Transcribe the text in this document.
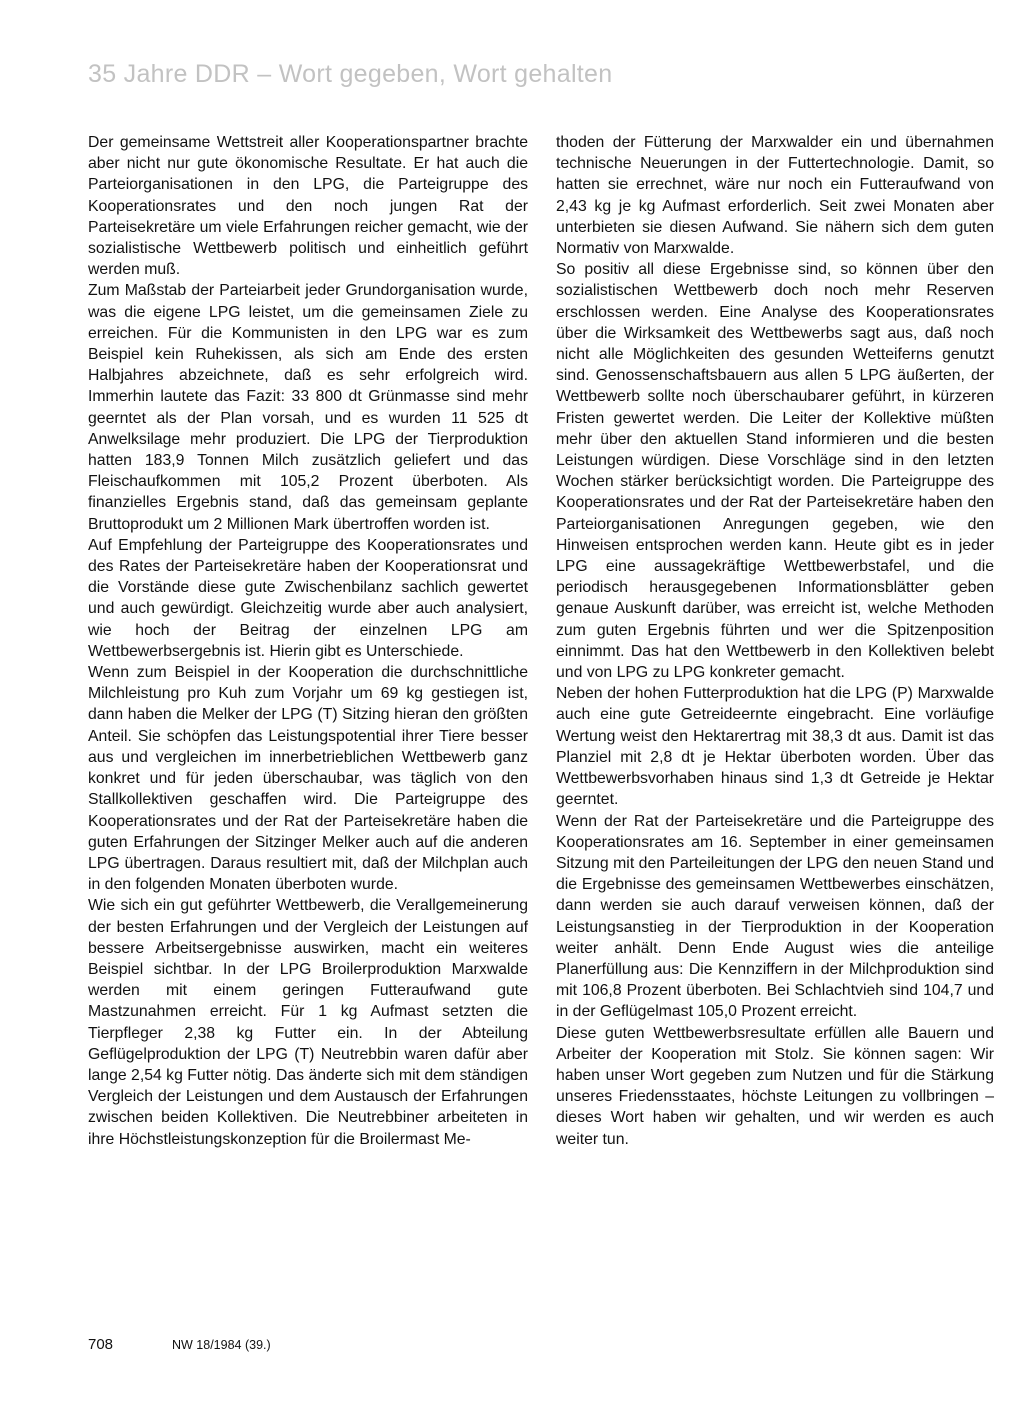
35 Jahre DDR – Wort gegeben, Wort gehalten

Der gemeinsame Wettstreit aller Kooperationspartner brachte aber nicht nur gute ökonomische Resultate. Er hat auch die Parteiorganisationen in den LPG, die Parteigruppe des Kooperationsrates und den noch jungen Rat der Parteisekretäre um viele Erfahrungen reicher gemacht, wie der sozialistische Wettbewerb politisch und einheitlich geführt werden muß.

Zum Maßstab der Parteiarbeit jeder Grundorganisation wurde, was die eigene LPG leistet, um die gemeinsamen Ziele zu erreichen. Für die Kommunisten in den LPG war es zum Beispiel kein Ruhekissen, als sich am Ende des ersten Halbjahres abzeichnete, daß es sehr erfolgreich wird. Immerhin lautete das Fazit: 33 800 dt Grünmasse sind mehr geerntet als der Plan vorsah, und es wurden 11 525 dt Anwelksilage mehr produziert. Die LPG der Tierproduktion hatten 183,9 Tonnen Milch zusätzlich geliefert und das Fleischaufkommen mit 105,2 Prozent überboten. Als finanzielles Ergebnis stand, daß das gemeinsam geplante Bruttoprodukt um 2 Millionen Mark übertroffen worden ist.

Auf Empfehlung der Parteigruppe des Kooperationsrates und des Rates der Parteisekretäre haben der Kooperationsrat und die Vorstände diese gute Zwischenbilanz sachlich gewertet und auch gewürdigt. Gleichzeitig wurde aber auch analysiert, wie hoch der Beitrag der einzelnen LPG am Wettbewerbsergebnis ist. Hierin gibt es Unterschiede.

Wenn zum Beispiel in der Kooperation die durchschnittliche Milchleistung pro Kuh zum Vorjahr um 69 kg gestiegen ist, dann haben die Melker der LPG (T) Sitzing hieran den größten Anteil. Sie schöpfen das Leistungspotential ihrer Tiere besser aus und vergleichen im innerbetrieblichen Wettbewerb ganz konkret und für jeden überschaubar, was täglich von den Stallkollektiven geschaffen wird. Die Parteigruppe des Kooperationsrates und der Rat der Parteisekretäre haben die guten Erfahrungen der Sitzinger Melker auch auf die anderen LPG übertragen. Daraus resultiert mit, daß der Milchplan auch in den folgenden Monaten überboten wurde.

Wie sich ein gut geführter Wettbewerb, die Verallgemeinerung der besten Erfahrungen und der Vergleich der Leistungen auf bessere Arbeitsergebnisse auswirken, macht ein weiteres Beispiel sichtbar. In der LPG Broilerproduktion Marxwalde werden mit einem geringen Futteraufwand gute Mastzunahmen erreicht. Für 1 kg Aufmast setzten die Tierpfleger 2,38 kg Futter ein. In der Abteilung Geflügelproduktion der LPG (T) Neutrebbin waren dafür aber lange 2,54 kg Futter nötig. Das änderte sich mit dem ständigen Vergleich der Leistungen und dem Austausch der Erfahrungen zwischen beiden Kollektiven. Die Neutrebbiner arbeiteten in ihre Höchstleistungskonzeption für die Broilermast Me-

thoden der Fütterung der Marxwalder ein und übernahmen technische Neuerungen in der Futtertechnologie. Damit, so hatten sie errechnet, wäre nur noch ein Futteraufwand von 2,43 kg je kg Aufmast erforderlich. Seit zwei Monaten aber unterbieten sie diesen Aufwand. Sie nähern sich dem guten Normativ von Marxwalde.

So positiv all diese Ergebnisse sind, so können über den sozialistischen Wettbewerb doch noch mehr Reserven erschlossen werden. Eine Analyse des Kooperationsrates über die Wirksamkeit des Wettbewerbs sagt aus, daß noch nicht alle Möglichkeiten des gesunden Wetteiferns genutzt sind. Genossenschaftsbauern aus allen 5 LPG äußerten, der Wettbewerb sollte noch überschaubarer geführt, in kürzeren Fristen gewertet werden. Die Leiter der Kollektive müßten mehr über den aktuellen Stand informieren und die besten Leistungen würdigen. Diese Vorschläge sind in den letzten Wochen stärker berücksichtigt worden. Die Parteigruppe des Kooperationsrates und der Rat der Parteisekretäre haben den Parteiorganisationen Anregungen gegeben, wie den Hinweisen entsprochen werden kann. Heute gibt es in jeder LPG eine aussagekräftige Wettbewerbstafel, und die periodisch herausgegebenen Informationsblätter geben genaue Auskunft darüber, was erreicht ist, welche Methoden zum guten Ergebnis führten und wer die Spitzenposition einnimmt. Das hat den Wettbewerb in den Kollektiven belebt und von LPG zu LPG konkreter gemacht.

Neben der hohen Futterproduktion hat die LPG (P) Marxwalde auch eine gute Getreideernte eingebracht. Eine vorläufige Wertung weist den Hektarertrag mit 38,3 dt aus. Damit ist das Planziel mit 2,8 dt je Hektar überboten worden. Über das Wettbewerbsvorhaben hinaus sind 1,3 dt Getreide je Hektar geerntet.

Wenn der Rat der Parteisekretäre und die Parteigruppe des Kooperationsrates am 16. September in einer gemeinsamen Sitzung mit den Parteileitungen der LPG den neuen Stand und die Ergebnisse des gemeinsamen Wettbewerbes einschätzen, dann werden sie auch darauf verweisen können, daß der Leistungsanstieg in der Tierproduktion in der Kooperation weiter anhält. Denn Ende August wies die anteilige Planerfüllung aus: Die Kennziffern in der Milchproduktion sind mit 106,8 Prozent überboten. Bei Schlachtvieh sind 104,7 und in der Geflügelmast 105,0 Prozent erreicht.

Diese guten Wettbewerbsresultate erfüllen alle Bauern und Arbeiter der Kooperation mit Stolz. Sie können sagen: Wir haben unser Wort gegeben zum Nutzen und für die Stärkung unseres Friedensstaates, höchste Leitungen zu vollbringen – dieses Wort haben wir gehalten, und wir werden es auch weiter tun.

708	NW 18/1984 (39.)
